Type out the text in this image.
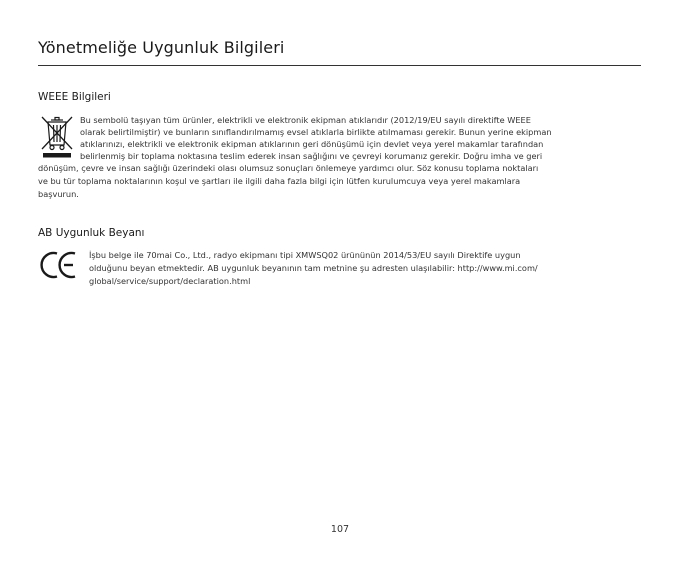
Yönetmeliğe Uygunluk Bilgileri
WEEE Bilgileri
Bu sembolü taşıyan tüm ürünler, elektrikli ve elektronik ekipman atıklarıdır (2012/19/EU sayılı direktifte WEEE
olarak belirtilmiştir) ve bunların sınıflandırılmamış evsel atıklarla birlikte atılmaması gerekir. Bunun yerine ekipman
atıklarınızı, elektrikli ve elektronik ekipman atıklarının geri dönüşümü için devlet veya yerel makamlar tarafından
belirlenmiş bir toplama noktasına teslim ederek insan sağlığını ve çevreyi korumanız gerekir. Doğru imha ve geri
dönüşüm, çevre ve insan sağlığı üzerindeki olası olumsuz sonuçları önlemeye yardımcı olur. Söz konusu toplama noktaları
ve bu tür toplama noktalarının koşul ve şartları ile ilgili daha fazla bilgi için lütfen kurulumcuya veya yerel makamlara
başvurun.
AB Uygunluk Beyanı
İşbu belge ile 70mai Co., Ltd., radyo ekipmanı tipi XMWSQ02 ürününün 2014/53/EU sayılı Direktife uygun
olduğunu beyan etmektedir. AB uygunluk beyanının tam metnine şu adresten ulaşılabilir: http://www.mi.com/
global/service/support/declaration.html
107
